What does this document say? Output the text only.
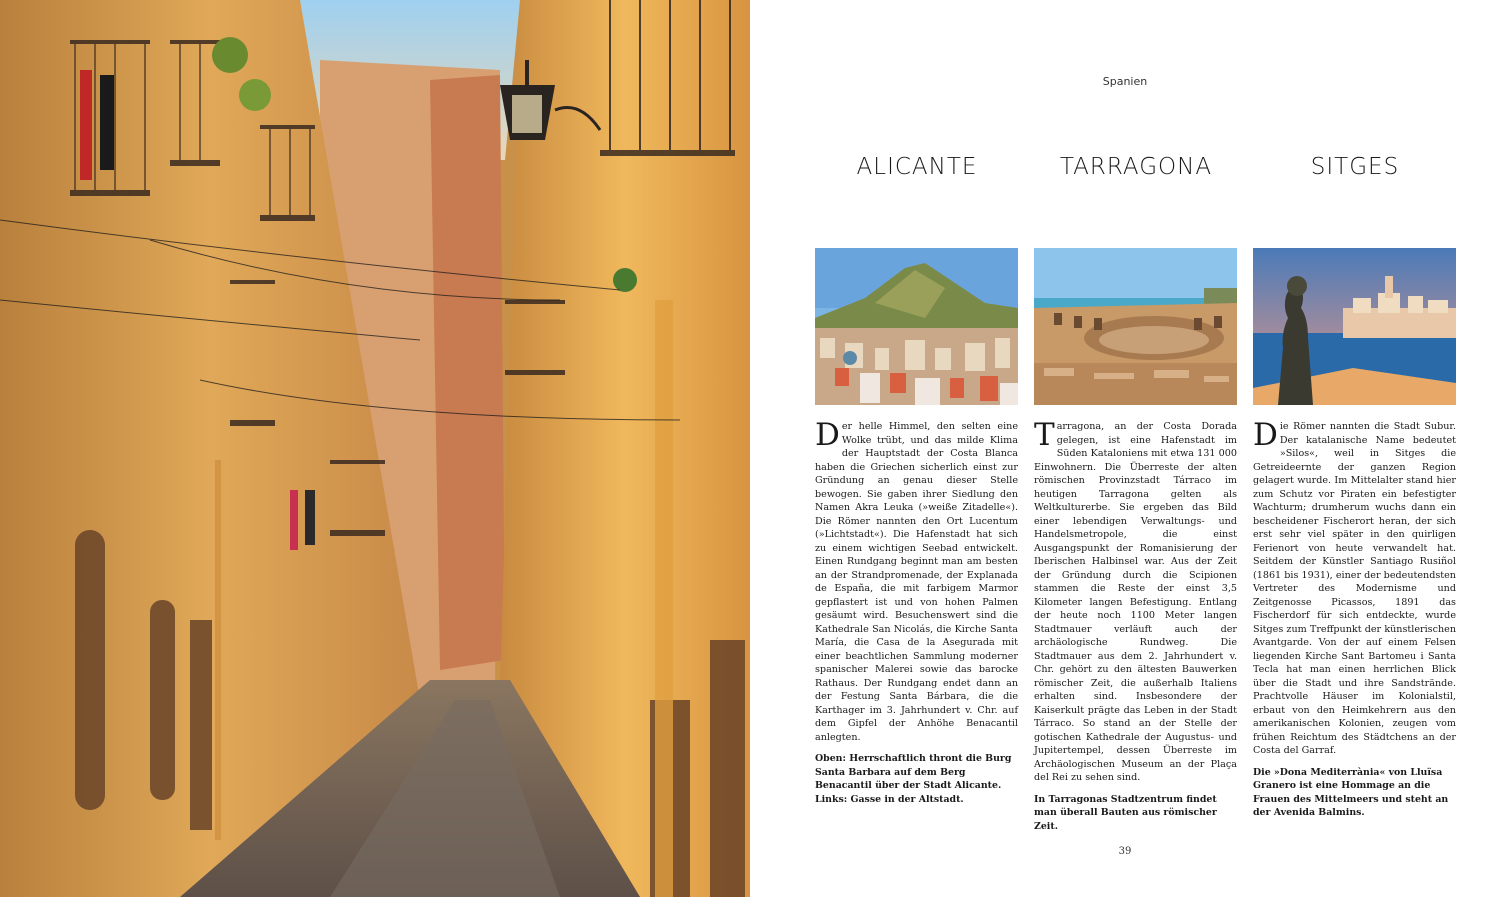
Spanien
ALICANTE
Der helle Himmel, den selten eine Wolke trübt, und das milde Klima der Hauptstadt der Costa Blanca haben die Griechen sicherlich einst zur Gründung an genau dieser Stelle bewogen. Sie gaben ihrer Siedlung den Namen Akra Leuka (»weiße Zitadelle«). Die Römer nannten den Ort Lucentum (»Lichtstadt«). Die Hafenstadt hat sich zu einem wichtigen Seebad entwickelt. Einen Rundgang beginnt man am besten an der Strandpromenade, der Explanada de España, die mit farbigem Marmor gepflastert ist und von hohen Palmen gesäumt wird. Besuchenswert sind die Kathedrale San Nicolás, die Kirche Santa María, die Casa de la Asegurada mit einer beachtlichen Sammlung moderner spanischer Malerei sowie das barocke Rathaus. Der Rundgang endet dann an der Festung Santa Bárbara, die die Karthager im 3. Jahrhundert v. Chr. auf dem Gipfel der Anhöhe Benacantil anlegten.
Oben: Herrschaftlich thront die Burg Santa Barbara auf dem Berg Benacantil über der Stadt Alicante. Links: Gasse in der Altstadt.
TARRAGONA
Tarragona, an der Costa Dorada gelegen, ist eine Hafenstadt im Süden Kataloniens mit etwa 131 000 Einwohnern. Die Überreste der alten römischen Provinzstadt Tárraco im heutigen Tarragona gelten als Weltkulturerbe. Sie ergeben das Bild einer lebendigen Verwaltungs- und Handelsmetropole, die einst Ausgangspunkt der Romanisierung der Iberischen Halbinsel war. Aus der Zeit der Gründung durch die Scipionen stammen die Reste der einst 3,5 Kilometer langen Befestigung. Entlang der heute noch 1100 Meter langen Stadtmauer verläuft auch der archäologische Rundweg. Die Stadtmauer aus dem 2. Jahrhundert v. Chr. gehört zu den ältesten Bauwerken römischer Zeit, die außerhalb Italiens erhalten sind. Insbesondere der Kaiserkult prägte das Leben in der Stadt Tárraco. So stand an der Stelle der gotischen Kathedrale der Augustus- und Jupitertempel, dessen Überreste im Archäologischen Museum an der Plaça del Rei zu sehen sind.
In Tarragonas Stadtzentrum findet man überall Bauten aus römischer Zeit.
SITGES
Die Römer nannten die Stadt Subur. Der katalanische Name bedeutet »Silos«, weil in Sitges die Getreideernte der ganzen Region gelagert wurde. Im Mittelalter stand hier zum Schutz vor Piraten ein befestigter Wachturm; drumherum wuchs dann ein bescheidener Fischerort heran, der sich erst sehr viel später in den quirligen Ferienort von heute verwandelt hat. Seitdem der Künstler Santiago Rusiñol (1861 bis 1931), einer der bedeutendsten Vertreter des Modernisme und Zeitgenosse Picassos, 1891 das Fischerdorf für sich entdeckte, wurde Sitges zum Treffpunkt der künstlerischen Avantgarde. Von der auf einem Felsen liegenden Kirche Sant Bartomeu i Santa Tecla hat man einen herrlichen Blick über die Stadt und ihre Sandstrände. Prachtvolle Häuser im Kolonialstil, erbaut von den Heimkehrern aus den amerikanischen Kolonien, zeugen vom frühen Reichtum des Städtchens an der Costa del Garraf.
Die »Dona Mediterrània« von Lluïsa Granero ist eine Hommage an die Frauen des Mittelmeers und steht an der Avenida Balmins.
39
